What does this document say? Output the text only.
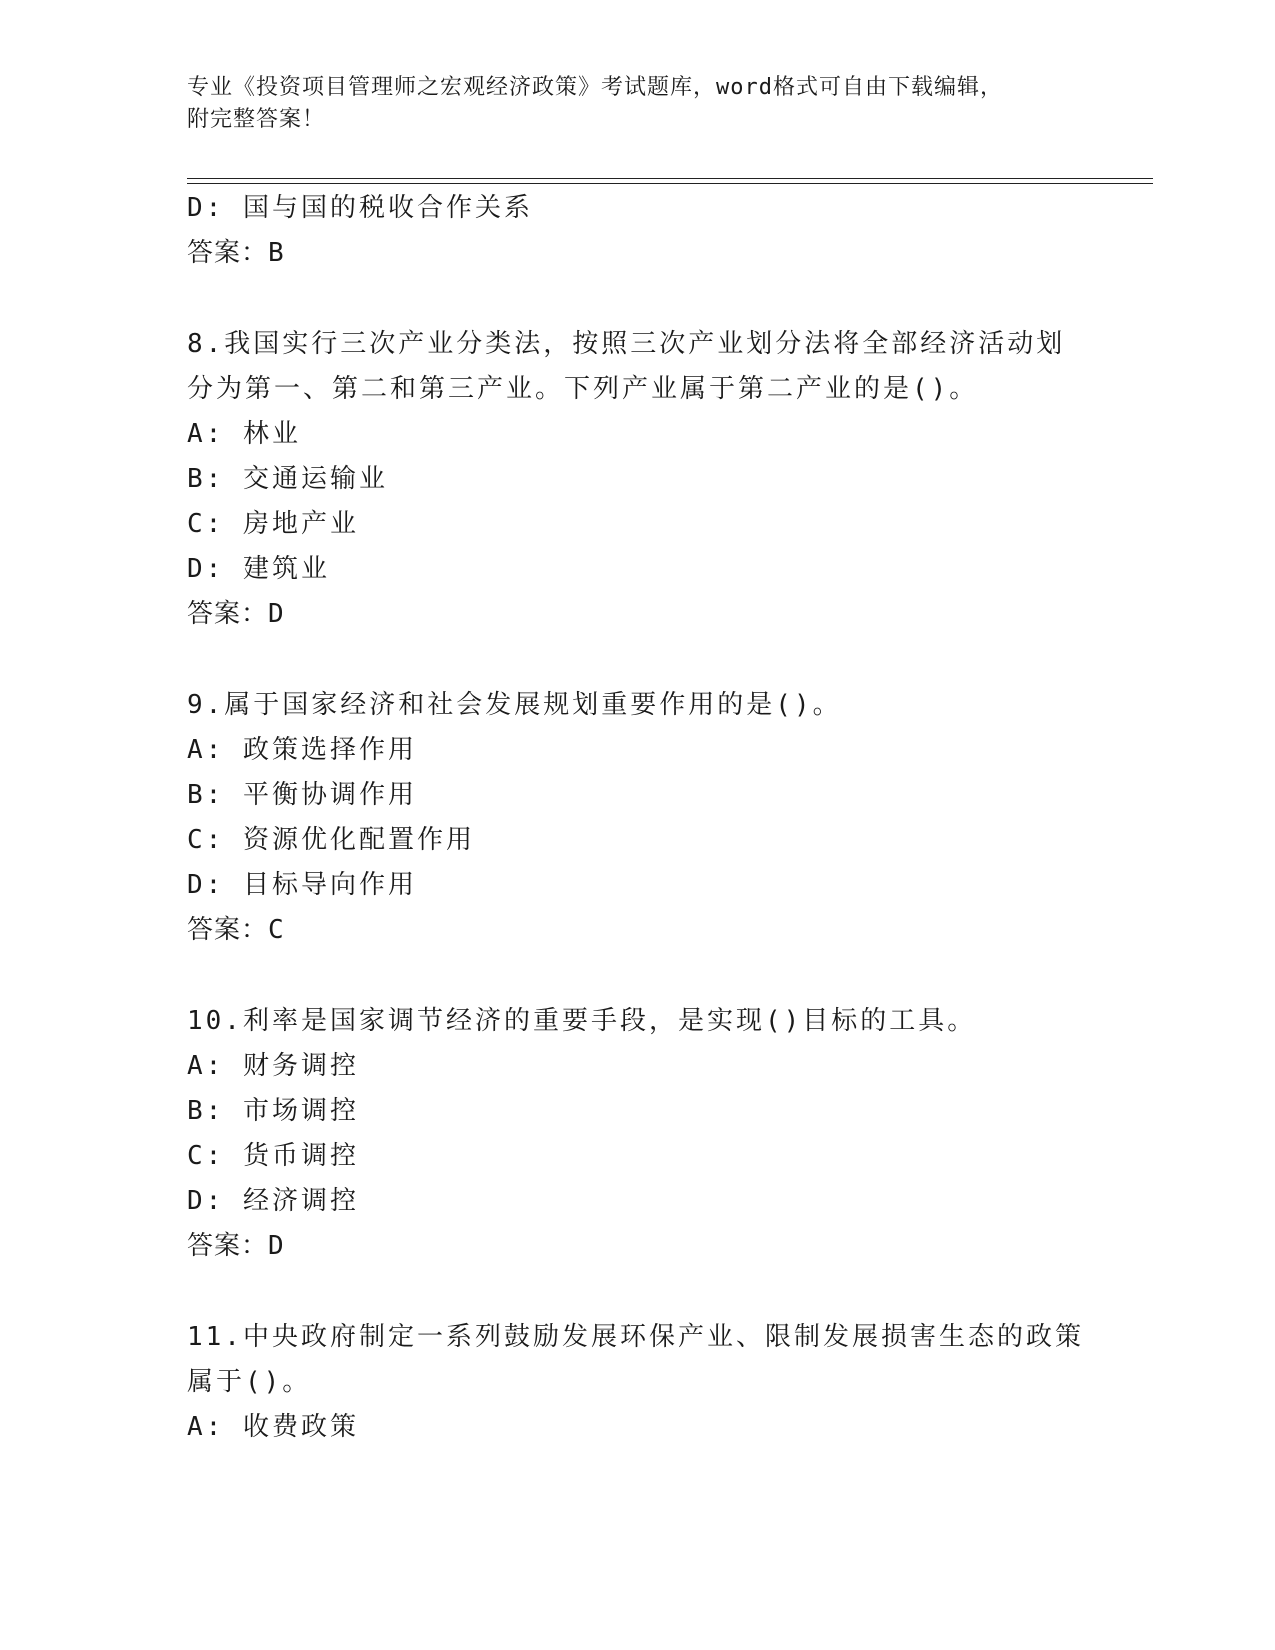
专业《投资项目管理师之宏观经济政策》考试题库，word格式可自由下载编辑，
附完整答案！
D: 国与国的税收合作关系
答案：B
8.我国实行三次产业分类法，按照三次产业划分法将全部经济活动划
分为第一、第二和第三产业。下列产业属于第二产业的是()。
A: 林业
B: 交通运输业
C: 房地产业
D: 建筑业
答案：D
9.属于国家经济和社会发展规划重要作用的是()。
A: 政策选择作用
B: 平衡协调作用
C: 资源优化配置作用
D: 目标导向作用
答案：C
10.利率是国家调节经济的重要手段，是实现()目标的工具。
A: 财务调控
B: 市场调控
C: 货币调控
D: 经济调控
答案：D
11.中央政府制定一系列鼓励发展环保产业、限制发展损害生态的政策
属于()。
A: 收费政策
